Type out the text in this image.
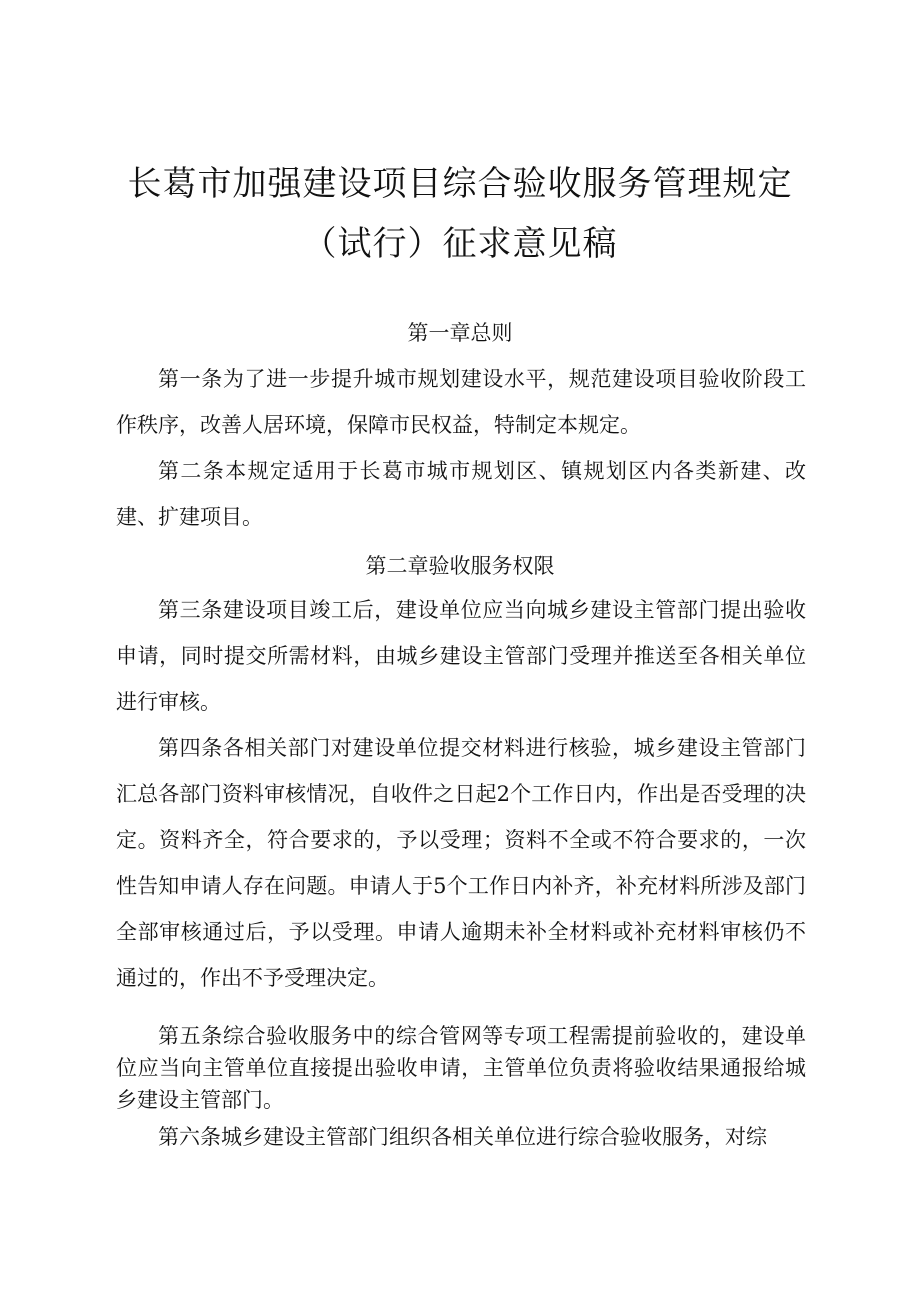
长葛市加强建设项目综合验收服务管理规定
（试行）征求意见稿
第一章总则

第一条为了进一步提升城市规划建设水平，规范建设项目验收阶段工作秩序，改善人居环境，保障市民权益，特制定本规定。

第二条本规定适用于长葛市城市规划区、镇规划区内各类新建、改建、扩建项目。

第二章验收服务权限

第三条建设项目竣工后，建设单位应当向城乡建设主管部门提出验收申请，同时提交所需材料，由城乡建设主管部门受理并推送至各相关单位进行审核。

第四条各相关部门对建设单位提交材料进行核验，城乡建设主管部门汇总各部门资料审核情况，自收件之日起2个工作日内，作出是否受理的决定。资料齐全，符合要求的，予以受理；资料不全或不符合要求的，一次性告知申请人存在问题。申请人于5个工作日内补齐，补充材料所涉及部门全部审核通过后，予以受理。申请人逾期未补全材料或补充材料审核仍不通过的，作出不予受理决定。

第五条综合验收服务中的综合管网等专项工程需提前验收的，建设单位应当向主管单位直接提出验收申请，主管单位负责将验收结果通报给城乡建设主管部门。

第六条城乡建设主管部门组织各相关单位进行综合验收服务，对综
